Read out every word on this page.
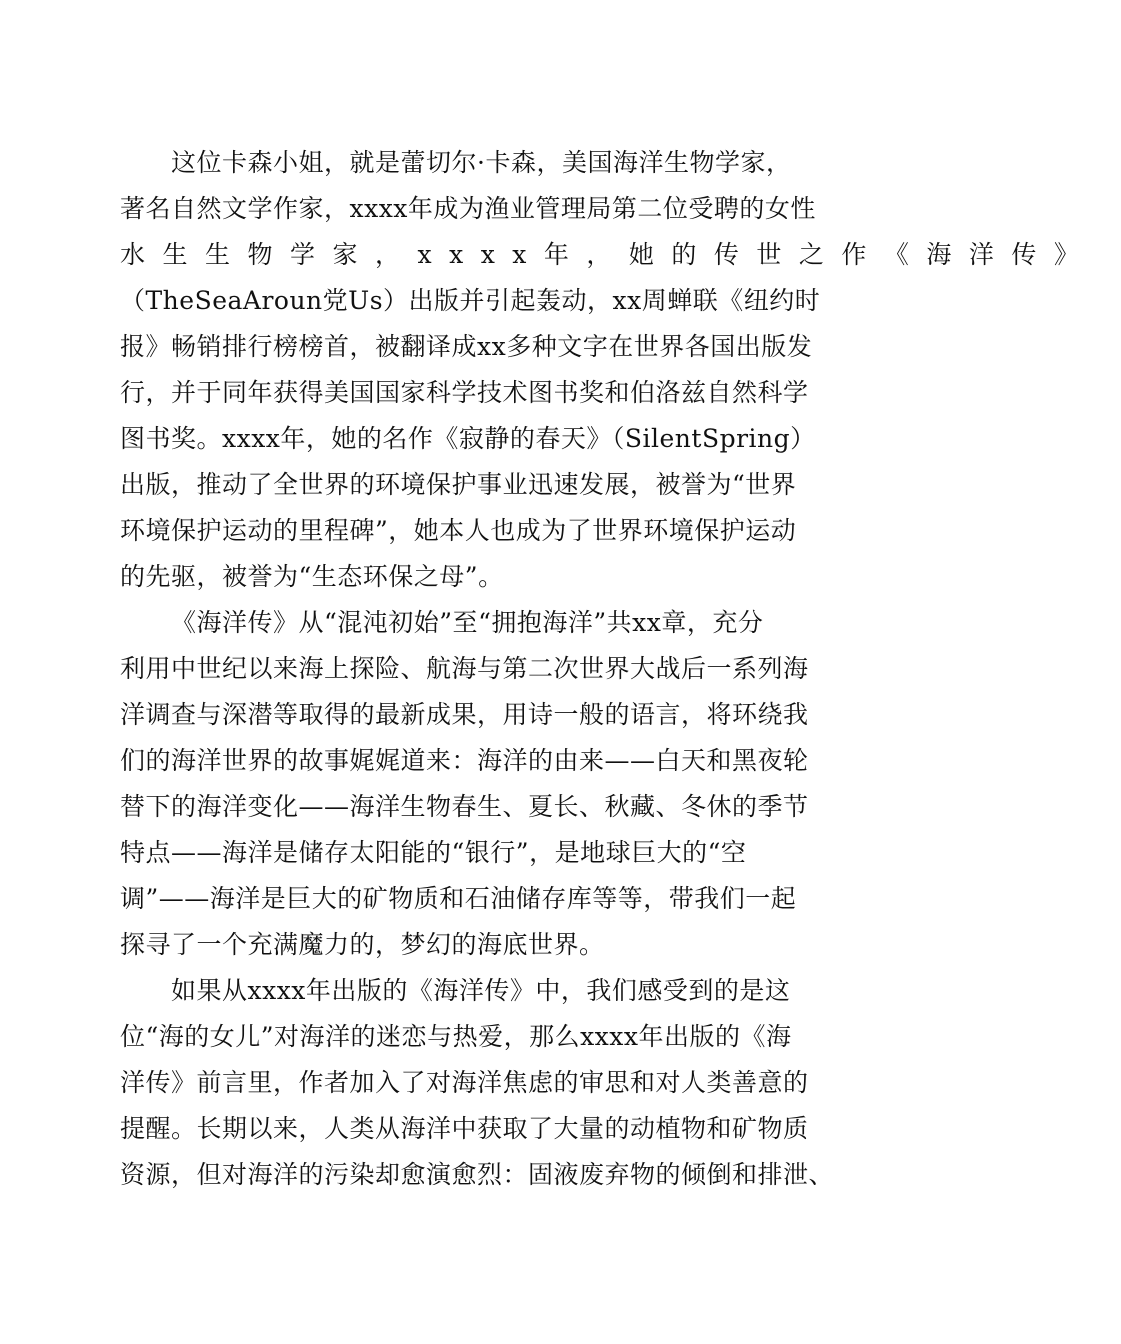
这位卡森小姐，就是蕾切尔·卡森，美国海洋生物学家，
著名自然文学作家，xxxx年成为渔业管理局第二位受聘的女性
水生生物学家，xxxx年，她的传世之作《海洋传》
（TheSeaAroun党Us）出版并引起轰动，xx周蝉联《纽约时
报》畅销排行榜榜首，被翻译成xx多种文字在世界各国出版发
行，并于同年获得美国国家科学技术图书奖和伯洛兹自然科学
图书奖。xxxx年，她的名作《寂静的春天》（SilentSpring）
出版，推动了全世界的环境保护事业迅速发展，被誉为“世界
环境保护运动的里程碑”，她本人也成为了世界环境保护运动
的先驱，被誉为“生态环保之母”。
《海洋传》从“混沌初始”至“拥抱海洋”共xx章，充分
利用中世纪以来海上探险、航海与第二次世界大战后一系列海
洋调查与深潜等取得的最新成果，用诗一般的语言，将环绕我
们的海洋世界的故事娓娓道来：海洋的由来——白天和黑夜轮
替下的海洋变化——海洋生物春生、夏长、秋藏、冬休的季节
特点——海洋是储存太阳能的“银行”，是地球巨大的“空
调”——海洋是巨大的矿物质和石油储存库等等，带我们一起
探寻了一个充满魔力的，梦幻的海底世界。
如果从xxxx年出版的《海洋传》中，我们感受到的是这
位“海的女儿”对海洋的迷恋与热爱，那么xxxx年出版的《海
洋传》前言里，作者加入了对海洋焦虑的审思和对人类善意的
提醒。长期以来，人类从海洋中获取了大量的动植物和矿物质
资源，但对海洋的污染却愈演愈烈：固液废弃物的倾倒和排泄、
